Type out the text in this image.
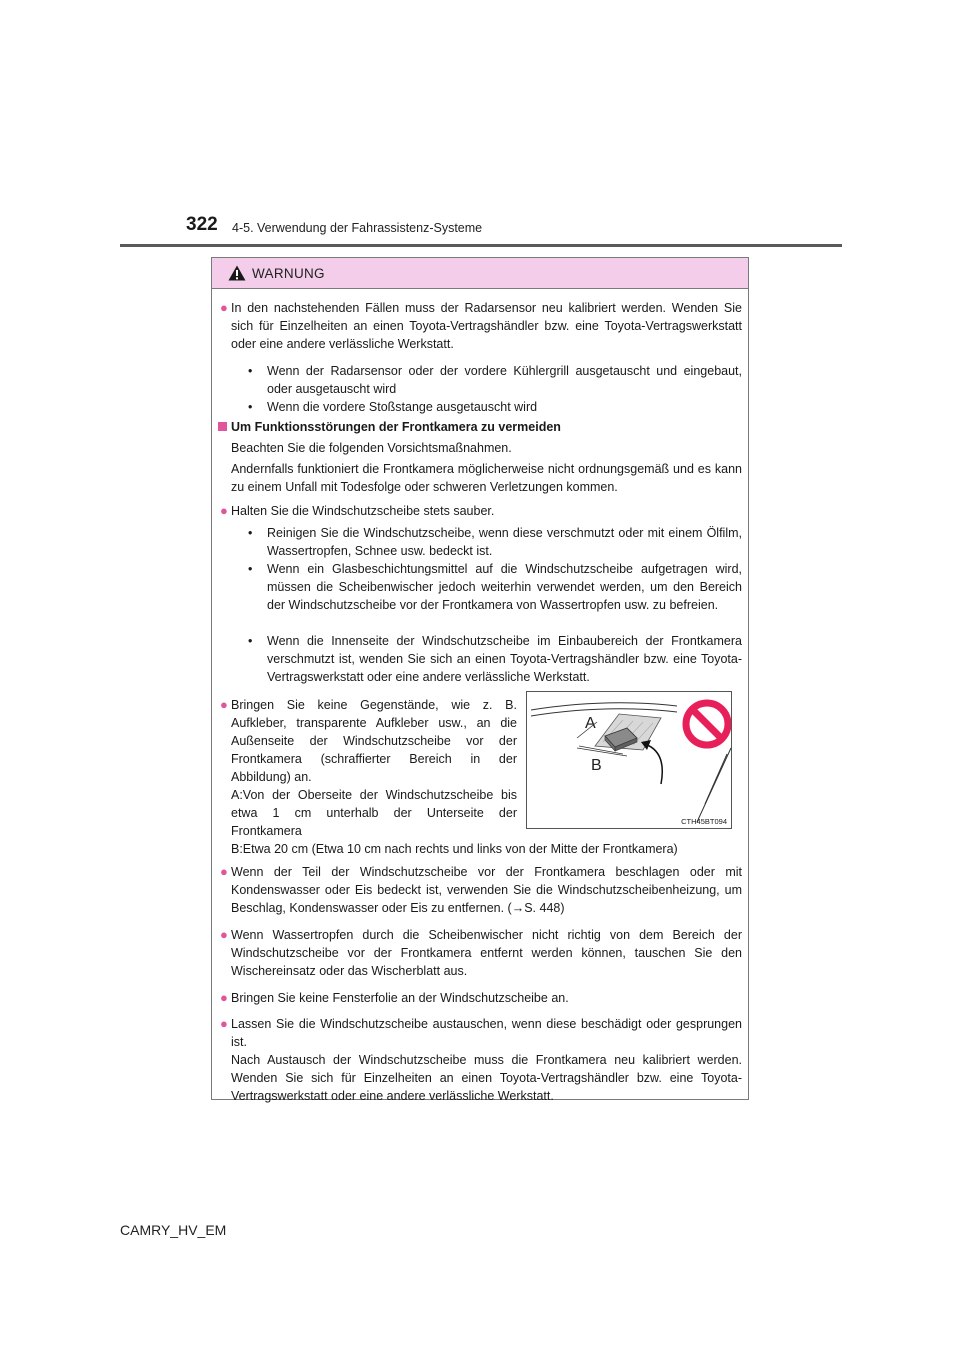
322 4-5. Verwendung der Fahrassistenz-Systeme
WARNUNG
● In den nachstehenden Fällen muss der Radarsensor neu kalibriert werden. Wenden Sie sich für Einzelheiten an einen Toyota-Vertragshändler bzw. eine Toyota-Vertragswerkstatt oder eine andere verlässliche Werkstatt.
• Wenn der Radarsensor oder der vordere Kühlergrill ausgetauscht und eingebaut, oder ausgetauscht wird
• Wenn die vordere Stoßstange ausgetauscht wird
Um Funktionsstörungen der Frontkamera zu vermeiden
Beachten Sie die folgenden Vorsichtsmaßnahmen.
Andernfalls funktioniert die Frontkamera möglicherweise nicht ordnungsgemäß und es kann zu einem Unfall mit Todesfolge oder schweren Verletzungen kommen.
● Halten Sie die Windschutzscheibe stets sauber.
• Reinigen Sie die Windschutzscheibe, wenn diese verschmutzt oder mit einem Ölfilm, Wassertropfen, Schnee usw. bedeckt ist.
• Wenn ein Glasbeschichtungsmittel auf die Windschutzscheibe aufgetragen wird, müssen die Scheibenwischer jedoch weiterhin verwendet werden, um den Bereich der Windschutzscheibe vor der Frontkamera von Wassertropfen usw. zu befreien.
• Wenn die Innenseite der Windschutzscheibe im Einbaubereich der Frontkamera verschmutzt ist, wenden Sie sich an einen Toyota-Vertragshändler bzw. eine Toyota-Vertragswerkstatt oder eine andere verlässliche Werkstatt.
● Bringen Sie keine Gegenstände, wie z. B. Aufkleber, transparente Aufkleber usw., an die Außenseite der Windschutzscheibe vor der Frontkamera (schraffierter Bereich in der Abbildung) an.
A:Von der Oberseite der Windschutzscheibe bis etwa 1 cm unterhalb der Unterseite der Frontkamera
B:Etwa 20 cm (Etwa 10 cm nach rechts und links von der Mitte der Frontkamera)
● Wenn der Teil der Windschutzscheibe vor der Frontkamera beschlagen oder mit Kondenswasser oder Eis bedeckt ist, verwenden Sie die Windschutzscheibenheizung, um Beschlag, Kondenswasser oder Eis zu entfernen. (→S. 448)
● Wenn Wassertropfen durch die Scheibenwischer nicht richtig von dem Bereich der Windschutzscheibe vor der Frontkamera entfernt werden können, tauschen Sie den Wischereinsatz oder das Wischerblatt aus.
● Bringen Sie keine Fensterfolie an der Windschutzscheibe an.
● Lassen Sie die Windschutzscheibe austauschen, wenn diese beschädigt oder gesprungen ist.
Nach Austausch der Windschutzscheibe muss die Frontkamera neu kalibriert werden. Wenden Sie sich für Einzelheiten an einen Toyota-Vertragshändler bzw. eine Toyota-Vertragswerkstatt oder eine andere verlässliche Werkstatt.
A
B
CTH45BT094
CAMRY_HV_EM
